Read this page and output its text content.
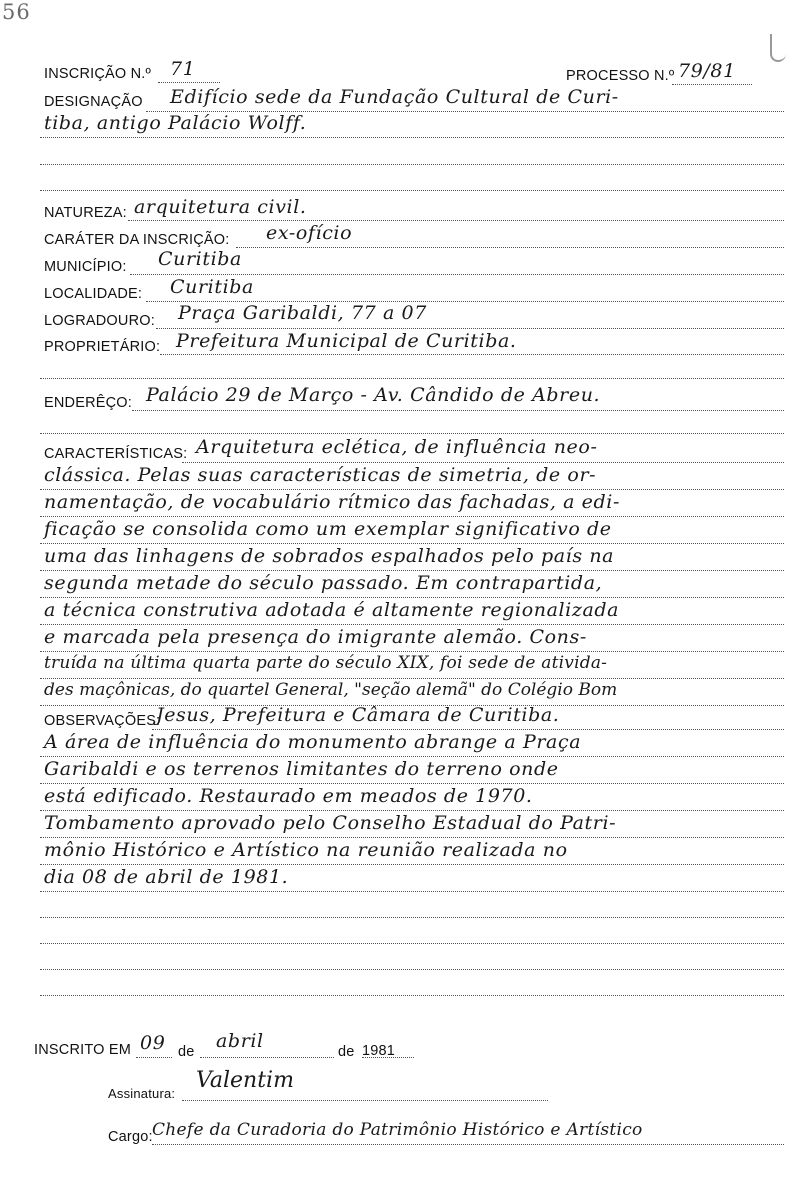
56
INSCRIÇÃO N.º 71	PROCESSO N.º 79/81
DESIGNAÇÃO Edifício sede da Fundação Cultural de Curi-
tiba, antigo Palácio Wolff.
NATUREZA: arquitetura civil.
CARÁTER DA INSCRIÇÃO: ex-ofício
MUNICÍPIO: Curitiba
LOCALIDADE: Curitiba
LOGRADOURO: Praça Garibaldi, 77 a 07
PROPRIETÁRIO: Prefeitura Municipal de Curitiba.
ENDERÊÇO: Palácio 29 de Março - Av. Cândido de Abreu.
CARACTERÍSTICAS: Arquitetura eclética, de influência neo-
clássica. Pelas suas características de simetria, de or-
namentação, de vocabulário rítmico das fachadas, a edi-
ficação se consolida como um exemplar significativo de
uma das linhagens de sobrados espalhados pelo país na
segunda metade do século passado. Em contrapartida,
a técnica construtiva adotada é altamente regionalizada
e marcada pela presença do imigrante alemão. Cons-
truída na última quarta parte do século XIX, foi sede de ativida-
des maçônicas, do quartel General, "seção alemã" do Colégio Bom
OBSERVAÇÕES:
Jesus, Prefeitura e Câmara de Curitiba.
A área de influência do monumento abrange a Praça
Garibaldi e os terrenos limitantes do terreno onde
está edificado. Restaurado em meados de 1970.
Tombamento aprovado pelo Conselho Estadual do Patri-
mônio Histórico e Artístico na reunião realizada no
dia 08 de abril de 1981.
INSCRITO EM 09 de abril	de 1981
Assinatura:
Valentim
Cargo: Chefe da Curadoria do Patrimônio Histórico e Artístico
